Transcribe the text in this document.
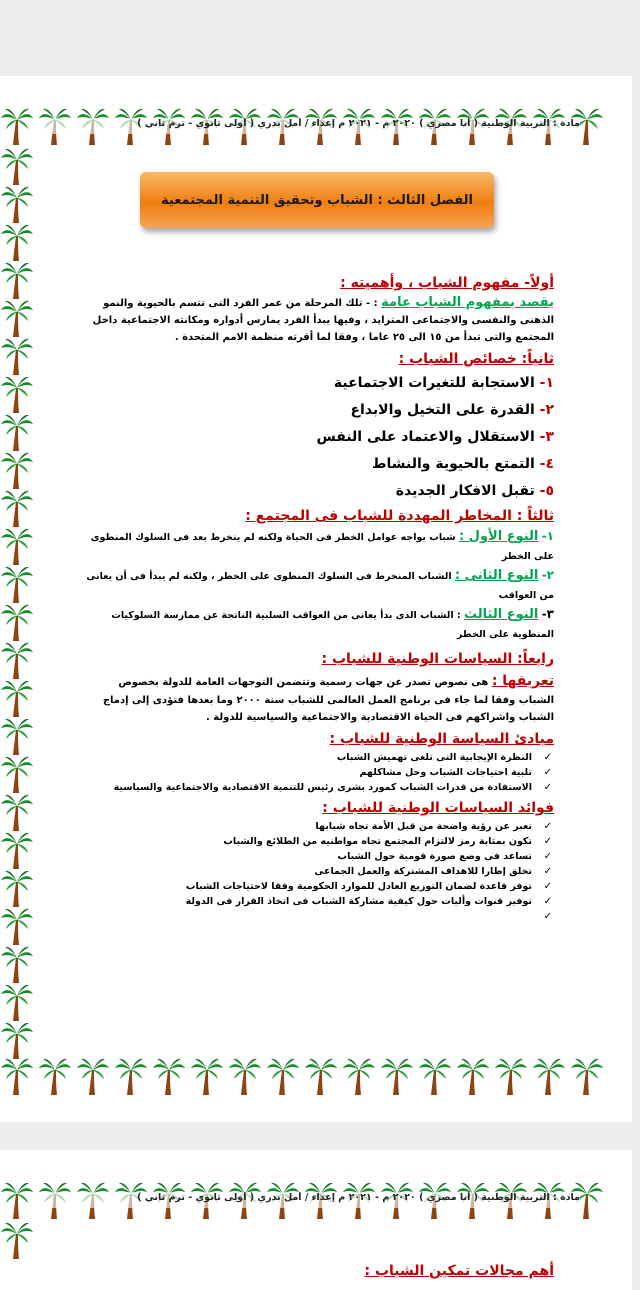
مادة : التربية الوطنية ( أنا مصري ) ٢٠٢٠ م - ٢٠٢١ م إعداء / أمل بدري ( أولى ثانوي - ترم ثاني )
الفصل الثالث : الشباب وتحقيق التنمية المجتمعية

أولاً- مفهوم الشباب ، وأهميته :

يقصد بمفهوم الشباب عامة : - تلك المرحلة من عمر الفرد التى تتسم بالحيوية والنمو الذهنى والنفسى والاجتماعى المتزايد ، وفيها يبدأ الفرد يمارس أدواره ومكانته الاجتماعية داخل المجتمع والتى تبدأ من ١٥ الى ٢٥ عاما ، وفقا لما أقرته منظمة الامم المتحدة .

ثانياً: خصائص الشباب :

١- الاستجابة للتغيرات الاجتماعية

٢- القدرة على التخيل والابداع

٣- الاستقلال والاعتماد على النفس

٤- التمتع بالحيوية والنشاط

٥- تقبل الافكار الجديدة

ثالثاً : المخاطر المهددة للشباب فى المجتمع :

١- النوع الأول : شباب يواجه عوامل الخطر فى الحياة ولكنه لم ينخرط بعد فى السلوك المنطوى على الخطر

٢- النوع الثانى : الشباب المنخرط فى السلوك المنطوى على الخطر ، ولكنه لم يبدأ فى أن يعانى من العواقب

٣- النوع الثالث : الشباب الذى بدأ يعانى من العواقب السلبية الناتجة عن ممارسة السلوكيات المنطوية على الخطر

رابعاً: السياسات الوطنية للشباب :

تعريفها : هى نصوص تصدر عن جهات رسمية وتتضمن التوجهات العامة للدولة بخصوص الشباب وفقا لما جاء فى برنامج العمل العالمى للشباب سنة ٢٠٠٠ وما بعدها فتؤدى إلى إدماج الشباب واشراكهم فى الحياة الاقتصادية والاجتماعية والسياسية للدولة .

مبادئ السياسة الوطنية للشباب :

✓ النظرة الإيجابية التى تلغى تهميش الشباب
✓ تلبية احتياجات الشباب وحل مشاكلهم
✓ الاستفادة من قدرات الشباب كمورد بشرى رئيس للتنمية الاقتصادية والاجتماعية والسياسية

فوائد السياسات الوطنية للشباب :

✓ تعبر عن رؤية واضحة من قبل الأمة تجاه شبابها
✓ تكون بمثابة رمز لالتزام المجتمع تجاه مواطنيه من الطلائع والشباب
✓ تساعد فى وضع صورة قومية حول الشباب
✓ تخلق إطارا للاهداف المشتركة والعمل الجماعى
✓ توفر قاعدة لضمان التوزيع العادل للموارد الحكومية وفقا لاحتياجات الشباب
✓ توفير قنوات وأليات حول كيفية مشاركة الشباب فى اتخاذ القرار فى الدولة
مادة : التربية الوطنية ( أنا مصري ) ٢٠٢٠ م - ٢٠٢١ م إعداء / أمل بدري ( أولى ثانوي - ترم ثاني )

أهم مجالات تمكين الشباب :
